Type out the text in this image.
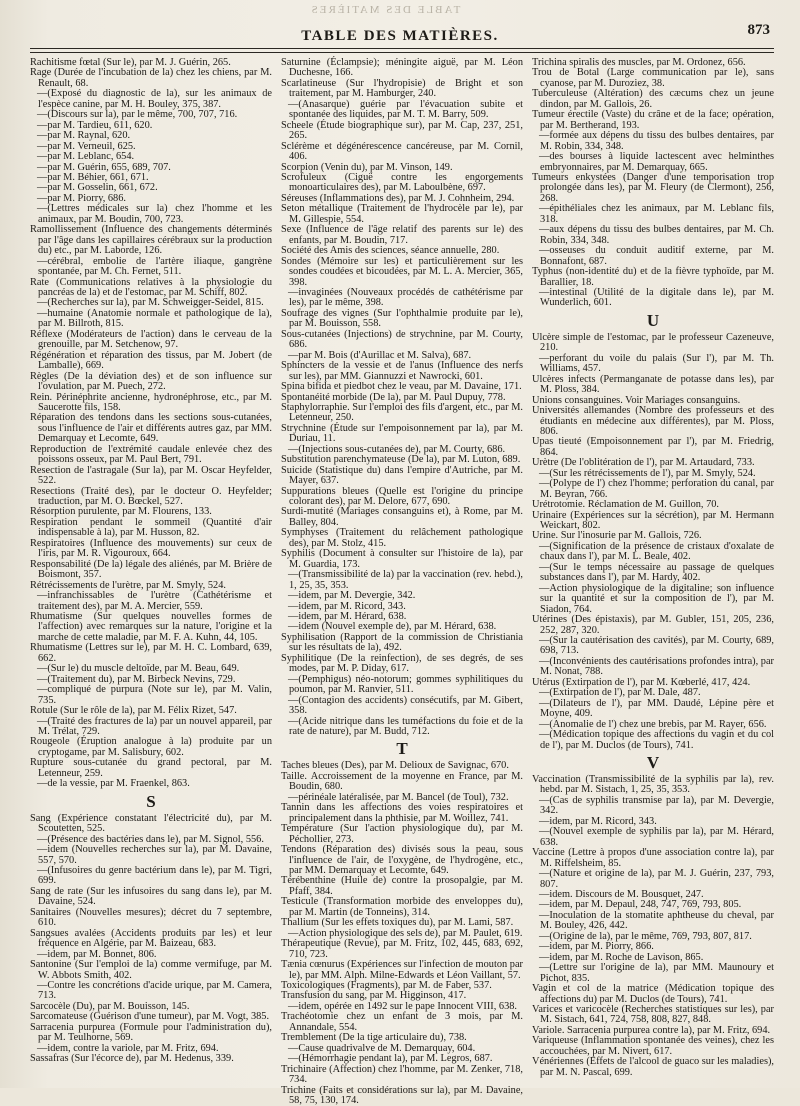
TABLE DES MATIÈRES
TABLE DES MATIÈRES.	873

Rachitisme fœtal (Sur le), par M. J. Guérin, 265.

Rage (Durée de l'incubation de la) chez les chiens, par M. Renault, 68.

—(Exposé du diagnostic de la), sur les animaux de l'espèce canine, par M. H. Bouley, 375, 387.

—(Discours sur la), par le même, 700, 707, 716.

—par M. Tardieu, 611, 620.

—par M. Raynal, 620.

—par M. Verneuil, 625.

—par M. Leblanc, 654.

—par M. Guérin, 655, 689, 707.

—par M. Béhier, 661, 671.

—par M. Gosselin, 661, 672.

—par M. Piorry, 686.

—(Lettres médicales sur la) chez l'homme et les animaux, par M. Boudin, 700, 723.

Ramollissement (Influence des changements déterminés par l'âge dans les capillaires cérébraux sur la production du) etc., par M. Laborde, 126.

—cérébral, embolie de l'artère iliaque, gangrène spontanée, par M. Ch. Fernet, 511.

Rate (Communications relatives à la physiologie du pancréas de la) et de l'estomac, par M. Schiff, 802.

—(Recherches sur la), par M. Schweigger-Seidel, 815.

—humaine (Anatomie normale et pathologique de la), par M. Billroth, 815.

Réflexe (Modérateurs de l'action) dans le cerveau de la grenouille, par M. Setchenow, 97.

Régénération et réparation des tissus, par M. Jobert (de Lamballe), 669.

Règles (De la déviation des) et de son influence sur l'ovulation, par M. Puech, 272.

Rein. Périnéphrite ancienne, hydronéphrose, etc., par M. Saucerotte fils, 158.

Réparation des tendons dans les sections sous-cutanées, sous l'influence de l'air et différents autres gaz, par MM. Demarquay et Lecomte, 649.

Reproduction de l'extrémité caudale enlevée chez des poissons osseux, par M. Paul Bert, 791.

Resection de l'astragale (Sur la), par M. Oscar Heyfelder, 522.

Resections (Traité des), par le docteur O. Heyfelder; traduction, par M. O. Bœckel, 527.

Résorption purulente, par M. Flourens, 133.

Respiration pendant le sommeil (Quantité d'air indispensable à la), par M. Husson, 82.

Respiratoires (Influence des mouvements) sur ceux de l'iris, par M. R. Vigouroux, 664.

Responsabilité (De la) légale des aliénés, par M. Brière de Boismont, 357.

Rétrécissements de l'urètre, par M. Smyly, 524.

—infranchissables de l'urètre (Cathétérisme et traitement des), par M. A. Mercier, 559.

Rhumatisme (Sur quelques nouvelles formes de l'affection) avec remarques sur la nature, l'origine et la marche de cette maladie, par M. F. A. Kuhn, 44, 105.

Rhumatisme (Lettres sur le), par M. H. C. Lombard, 639, 662.

—(Sur le) du muscle deltoïde, par M. Beau, 649.

—(Traitement du), par M. Birbeck Nevins, 729.

—compliqué de purpura (Note sur le), par M. Valin, 735.

Rotule (Sur le rôle de la), par M. Félix Rizet, 547.

—(Traité des fractures de la) par un nouvel appareil, par M. Trélat, 729.

Rougeole (Éruption analogue à la) produite par un cryptogame, par M. Salisbury, 602.

Rupture sous-cutanée du grand pectoral, par M. Letenneur, 259.

—de la vessie, par M. Fraenkel, 863.

S

Sang (Expérience constatant l'électricité du), par M. Scoutetten, 525.

—(Présence des bactéries dans le), par M. Signol, 556.

—idem (Nouvelles recherches sur la), par M. Davaine, 557, 570.

—(Infusoires du genre bactérium dans le), par M. Tigri, 699.

Sang de rate (Sur les infusoires du sang dans le), par M. Davaine, 524.

Sanitaires (Nouvelles mesures); décret du 7 septembre, 610.

Sangsues avalées (Accidents produits par les) et leur fréquence en Algérie, par M. Baizeau, 683.

—idem, par M. Bonnet, 806.

Santonine (Sur l'emploi de la) comme vermifuge, par M. W. Abbots Smith, 402.

—Contre les concrétions d'acide urique, par M. Camera, 713.

Sarcocèle (Du), par M. Bouisson, 145.

Sarcomateuse (Guérison d'une tumeur), par M. Vogt, 385.

Sarracenia purpurea (Formule pour l'administration du), par M. Teulhorne, 569.

—idem, contre la variole, par M. Fritz, 694.

Sassafras (Sur l'écorce de), par M. Hedenus, 339.

Saturnine (Éclampsie); méningite aiguë, par M. Léon Duchesne, 166.

Scarlatineuse (Sur l'hydropisie) de Bright et son traitement, par M. Hamburger, 240.

—(Anasarque) guérie par l'évacuation subite et spontanée des liquides, par M. T. M. Barry, 509.

Scheele (Étude biographique sur), par M. Cap, 237, 251, 265.

Sclérème et dégénérescence cancéreuse, par M. Cornil, 406.

Scorpion (Venin du), par M. Vinson, 149.

Scrofuleux (Ciguë contre les engorgements monoarticulaires des), par M. Laboulbène, 697.

Séreuses (Inflammations des), par M. J. Cohnheim, 294.

Seton métallique (Traitement de l'hydrocèle par le), par M. Gillespie, 554.

Sexe (Influence de l'âge relatif des parents sur le) des enfants, par M. Boudin, 717.

Société des Amis des sciences, séance annuelle, 280.

Sondes (Mémoire sur les) et particulièrement sur les sondes coudées et bicoudées, par M. L. A. Mercier, 365, 398.

—invaginées (Nouveaux procédés de cathétérisme par les), par le même, 398.

Soufrage des vignes (Sur l'ophthalmie produite par le), par M. Bouisson, 558.

Sous-cutanées (Injections) de strychnine, par M. Courty, 686.

—par M. Bois (d'Aurillac et M. Salva), 687.

Sphincters de la vessie et de l'anus (Influence des nerfs sur les), par MM. Giannuzzi et Nawrocki, 601.

Spina bifida et piedbot chez le veau, par M. Davaine, 171.

Spontanéité morbide (De la), par M. Paul Dupuy, 778.

Staphylorraphie. Sur l'emploi des fils d'argent, etc., par M. Letenneur, 250.

Strychnine (Étude sur l'empoisonnement par la), par M. Duriau, 11.

—(Injections sous-cutanées de), par M. Courty, 686.

Substitution parenchymateuse (De la), par M. Luton, 689.

Suicide (Statistique du) dans l'empire d'Autriche, par M. Mayer, 637.

Suppurations bleues (Quelle est l'origine du principe colorant des), par M. Delore, 677, 690.

Surdi-mutité (Mariages consanguins et), à Rome, par M. Balley, 804.

Symphyses (Traitement du relâchement pathologique des), par M. Stolz, 415.

Syphilis (Document à consulter sur l'histoire de la), par M. Guardia, 173.

—(Transmissibilité de la) par la vaccination (rev. hebd.), 1, 25, 35, 353.

—idem, par M. Devergie, 342.

—idem, par M. Ricord, 343.

—idem, par M. Hérard, 638.

—idem (Nouvel exemple de), par M. Hérard, 638.

Syphilisation (Rapport de la commission de Christiania sur les résultats de la), 492.

Syphilitique (De la reinfection), de ses degrés, de ses modes, par M. P. Diday, 617.

—(Pemphigus) néo-notorum; gommes syphilitiques du poumon, par M. Ranvier, 511.

—(Contagion des accidents) consécutifs, par M. Gibert, 358.

—(Acide nitrique dans les tuméfactions du foie et de la rate de nature), par M. Budd, 712.

T

Taches bleues (Des), par M. Delioux de Savignac, 670.

Taille. Accroissement de la moyenne en France, par M. Boudin, 680.

—périnéale latéralisée, par M. Bancel (de Toul), 732.

Tannin dans les affections des voies respiratoires et principalement dans la phthisie, par M. Woillez, 741.

Température (Sur l'action physiologique du), par M. Péchollier, 273.

Tendons (Réparation des) divisés sous la peau, sous l'influence de l'air, de l'oxygène, de l'hydrogène, etc., par MM. Demarquay et Lecomte, 649.

Térébenthine (Huile de) contre la prosopalgie, par M. Pfaff, 384.

Testicule (Transformation morbide des enveloppes du), par M. Martin (de Tonneins), 314.

Thallium (Sur les effets toxiques du), par M. Lami, 587.

—Action physiologique des sels de), par M. Paulet, 619.

Thérapeutique (Revue), par M. Fritz, 102, 445, 683, 692, 710, 723.

Tænia cœnurus (Expériences sur l'infection de mouton par le), par MM. Alph. Milne-Edwards et Léon Vaillant, 57.

Toxicologiques (Fragments), par M. de Faber, 537.

Transfusion du sang, par M. Higginson, 417.

—idem, opérée en 1492 sur le pape Innocent VIII, 638.

Trachéotomie chez un enfant de 3 mois, par M. Annandale, 554.

Tremblement (De la tige articulaire du), 738.

—Cause quadrivalve de M. Demarquay, 604.

—(Hémorrhagie pendant la), par M. Legros, 687.

Trichinaire (Affection) chez l'homme, par M. Zenker, 718, 734.

Trichine (Faits et considérations sur la), par M. Davaine, 58, 75, 130, 174.

Trichina spiralis des muscles, par M. Ordonez, 656.

Trou de Botal (Large communication par le), sans cyanose, par M. Duroziez, 38.

Tuberculeuse (Altération) des cæcums chez un jeune dindon, par M. Gallois, 26.

Tumeur érectile (Vaste) du crâne et de la face; opération, par M. Bertherand, 193.

—formée aux dépens du tissu des bulbes dentaires, par M. Robin, 334, 348.

—des bourses à liquide lactescent avec helminthes embryonnaires, par M. Demarquay, 665.

Tumeurs enkystées (Danger d'une temporisation trop prolongée dans les), par M. Fleury (de Clermont), 256, 268.

—épithéliales chez les animaux, par M. Leblanc fils, 318.

—aux dépens du tissu des bulbes dentaires, par M. Ch. Robin, 334, 348.

—osseuses du conduit auditif externe, par M. Bonnafont, 687.

Typhus (non-identité du) et de la fièvre typhoïde, par M. Barallier, 18.

—intestinal (Utilité de la digitale dans le), par M. Wunderlich, 601.

U

Ulcère simple de l'estomac, par le professeur Cazeneuve, 210.

—perforant du voile du palais (Sur l'), par M. Th. Williams, 457.

Ulcères infects (Permanganate de potasse dans les), par M. Ploss, 384.

Unions consanguines. Voir Mariages consanguins.

Universités allemandes (Nombre des professeurs et des étudiants en médecine aux différentes), par M. Ploss, 806.

Upas tieuté (Empoisonnement par l'), par M. Friedrig, 864.

Urètre (De l'oblitération de l'), par M. Artaudard, 733.

—(Sur les rétrécissements de l'), par M. Smyly, 524.

—(Polype de l') chez l'homme; perforation du canal, par M. Beyran, 766.

Urétrotomie. Réclamation de M. Guillon, 70.

Urinaire (Expériences sur la sécrétion), par M. Hermann Weickart, 802.

Urine. Sur l'inosurie par M. Gallois, 726.

—(Signification de la présence de cristaux d'oxalate de chaux dans l'), par M. L. Beale, 402.

—(Sur le temps nécessaire au passage de quelques substances dans l'), par M. Hardy, 402.

—Action physiologique de la digitaline; son influence sur la quantité et sur la composition de l'), par M. Siadon, 764.

Utérines (Des épistaxis), par M. Gubler, 151, 205, 236, 252, 287, 320.

—(Sur la cautérisation des cavités), par M. Courty, 689, 698, 713.

—(Inconvénients des cautérisations profondes intra), par M. Nonat, 788.

Utérus (Extirpation de l'), par M. Kœberlé, 417, 424.

—(Extirpation de l'), par M. Dale, 487.

—(Dilateurs de l'), par MM. Daudé, Lépine père et Moyne, 409.

—(Anomalie de l') chez une brebis, par M. Rayer, 656.

—(Médication topique des affections du vagin et du col de l'), par M. Duclos (de Tours), 741.

V

Vaccination (Transmissibilité de la syphilis par la), rev. hebd. par M. Sistach, 1, 25, 35, 353.

—(Cas de syphilis transmise par la), par M. Devergie, 342.

—idem, par M. Ricord, 343.

—(Nouvel exemple de syphilis par la), par M. Hérard, 638.

Vaccine (Lettre à propos d'une association contre la), par M. Riffelsheim, 85.

—(Nature et origine de la), par M. J. Guérin, 237, 793, 807.

—idem. Discours de M. Bousquet, 247.

—idem, par M. Depaul, 248, 747, 769, 793, 805.

—Inoculation de la stomatite aphtheuse du cheval, par M. Bouley, 426, 442.

—(Origine de la), par le même, 769, 793, 807, 817.

—idem, par M. Piorry, 866.

—idem, par M. Roche de Lavison, 865.

—(Lettre sur l'origine de la), par MM. Maunoury et Pichot, 835.

Vagin et col de la matrice (Médication topique des affections du) par M. Duclos (de Tours), 741.

Varices et varicocèle (Recherches statistiques sur les), par M. Sistach, 641, 724, 758, 808, 827, 848.

Variole. Sarracenia purpurea contre la), par M. Fritz, 694.

Variqueuse (Inflammation spontanée des veines), chez les accouchées, par M. Nivert, 617.

Vénériennes (Effets de l'alcool de guaco sur les maladies), par M. N. Pascal, 699.
